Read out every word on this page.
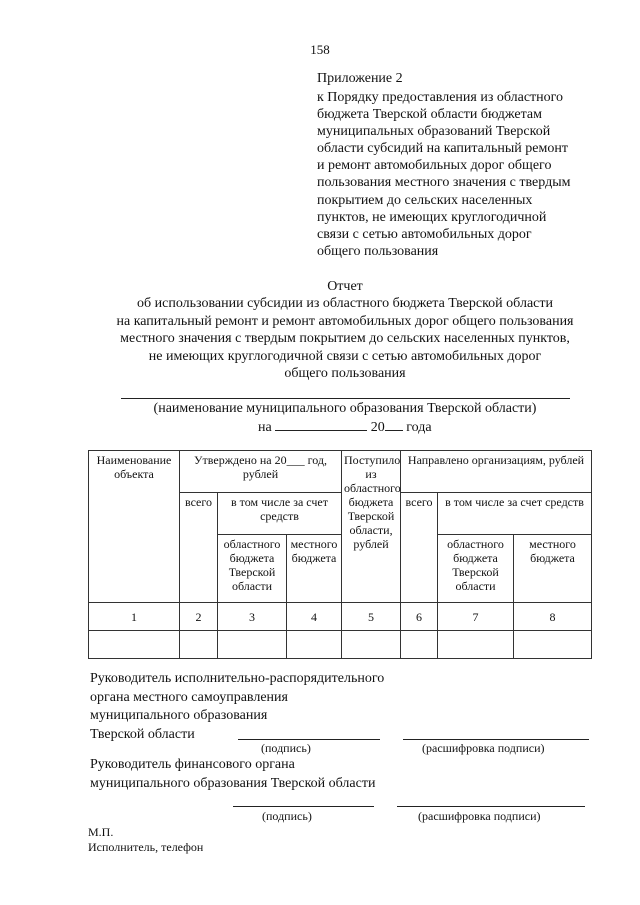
158
Приложение 2
к Порядку предоставления из областного
бюджета Тверской области бюджетам
муниципальных образований Тверской
области субсидий на капитальный ремонт
и ремонт автомобильных дорог общего
пользования местного значения с твердым
покрытием до сельских населенных
пунктов, не имеющих круглогодичной
связи с сетью автомобильных дорог
общего пользования
Отчет
об использовании субсидии из областного бюджета Тверской области
на капитальный ремонт и ремонт автомобильных дорог общего пользования
местного значения с твердым покрытием до сельских населенных пунктов,
не имеющих круглогодичной связи с сетью автомобильных дорог
общего пользования
(наименование муниципального образования Тверской области)
на	20 года
Наименование объекта	Утверждено на 20___ год, рублей			Поступило из областного бюджета Тверской области, рублей	Направлено организациям, рублей		
	всего	в том числе за счет средств			всего	в том числе за счет средств	
		областного бюджета Тверской области	местного бюджета			областного бюджета Тверской области	местного бюджета
1	2	3	4	5	6	7	8

Руководитель исполнительно-распорядительного
органа местного самоуправления
муниципального образования
Тверской области
(подпись)	(расшифровка подписи)
Руководитель финансового органа
муниципального образования Тверской области
(подпись)	(расшифровка подписи)
М.П.
Исполнитель, телефон
